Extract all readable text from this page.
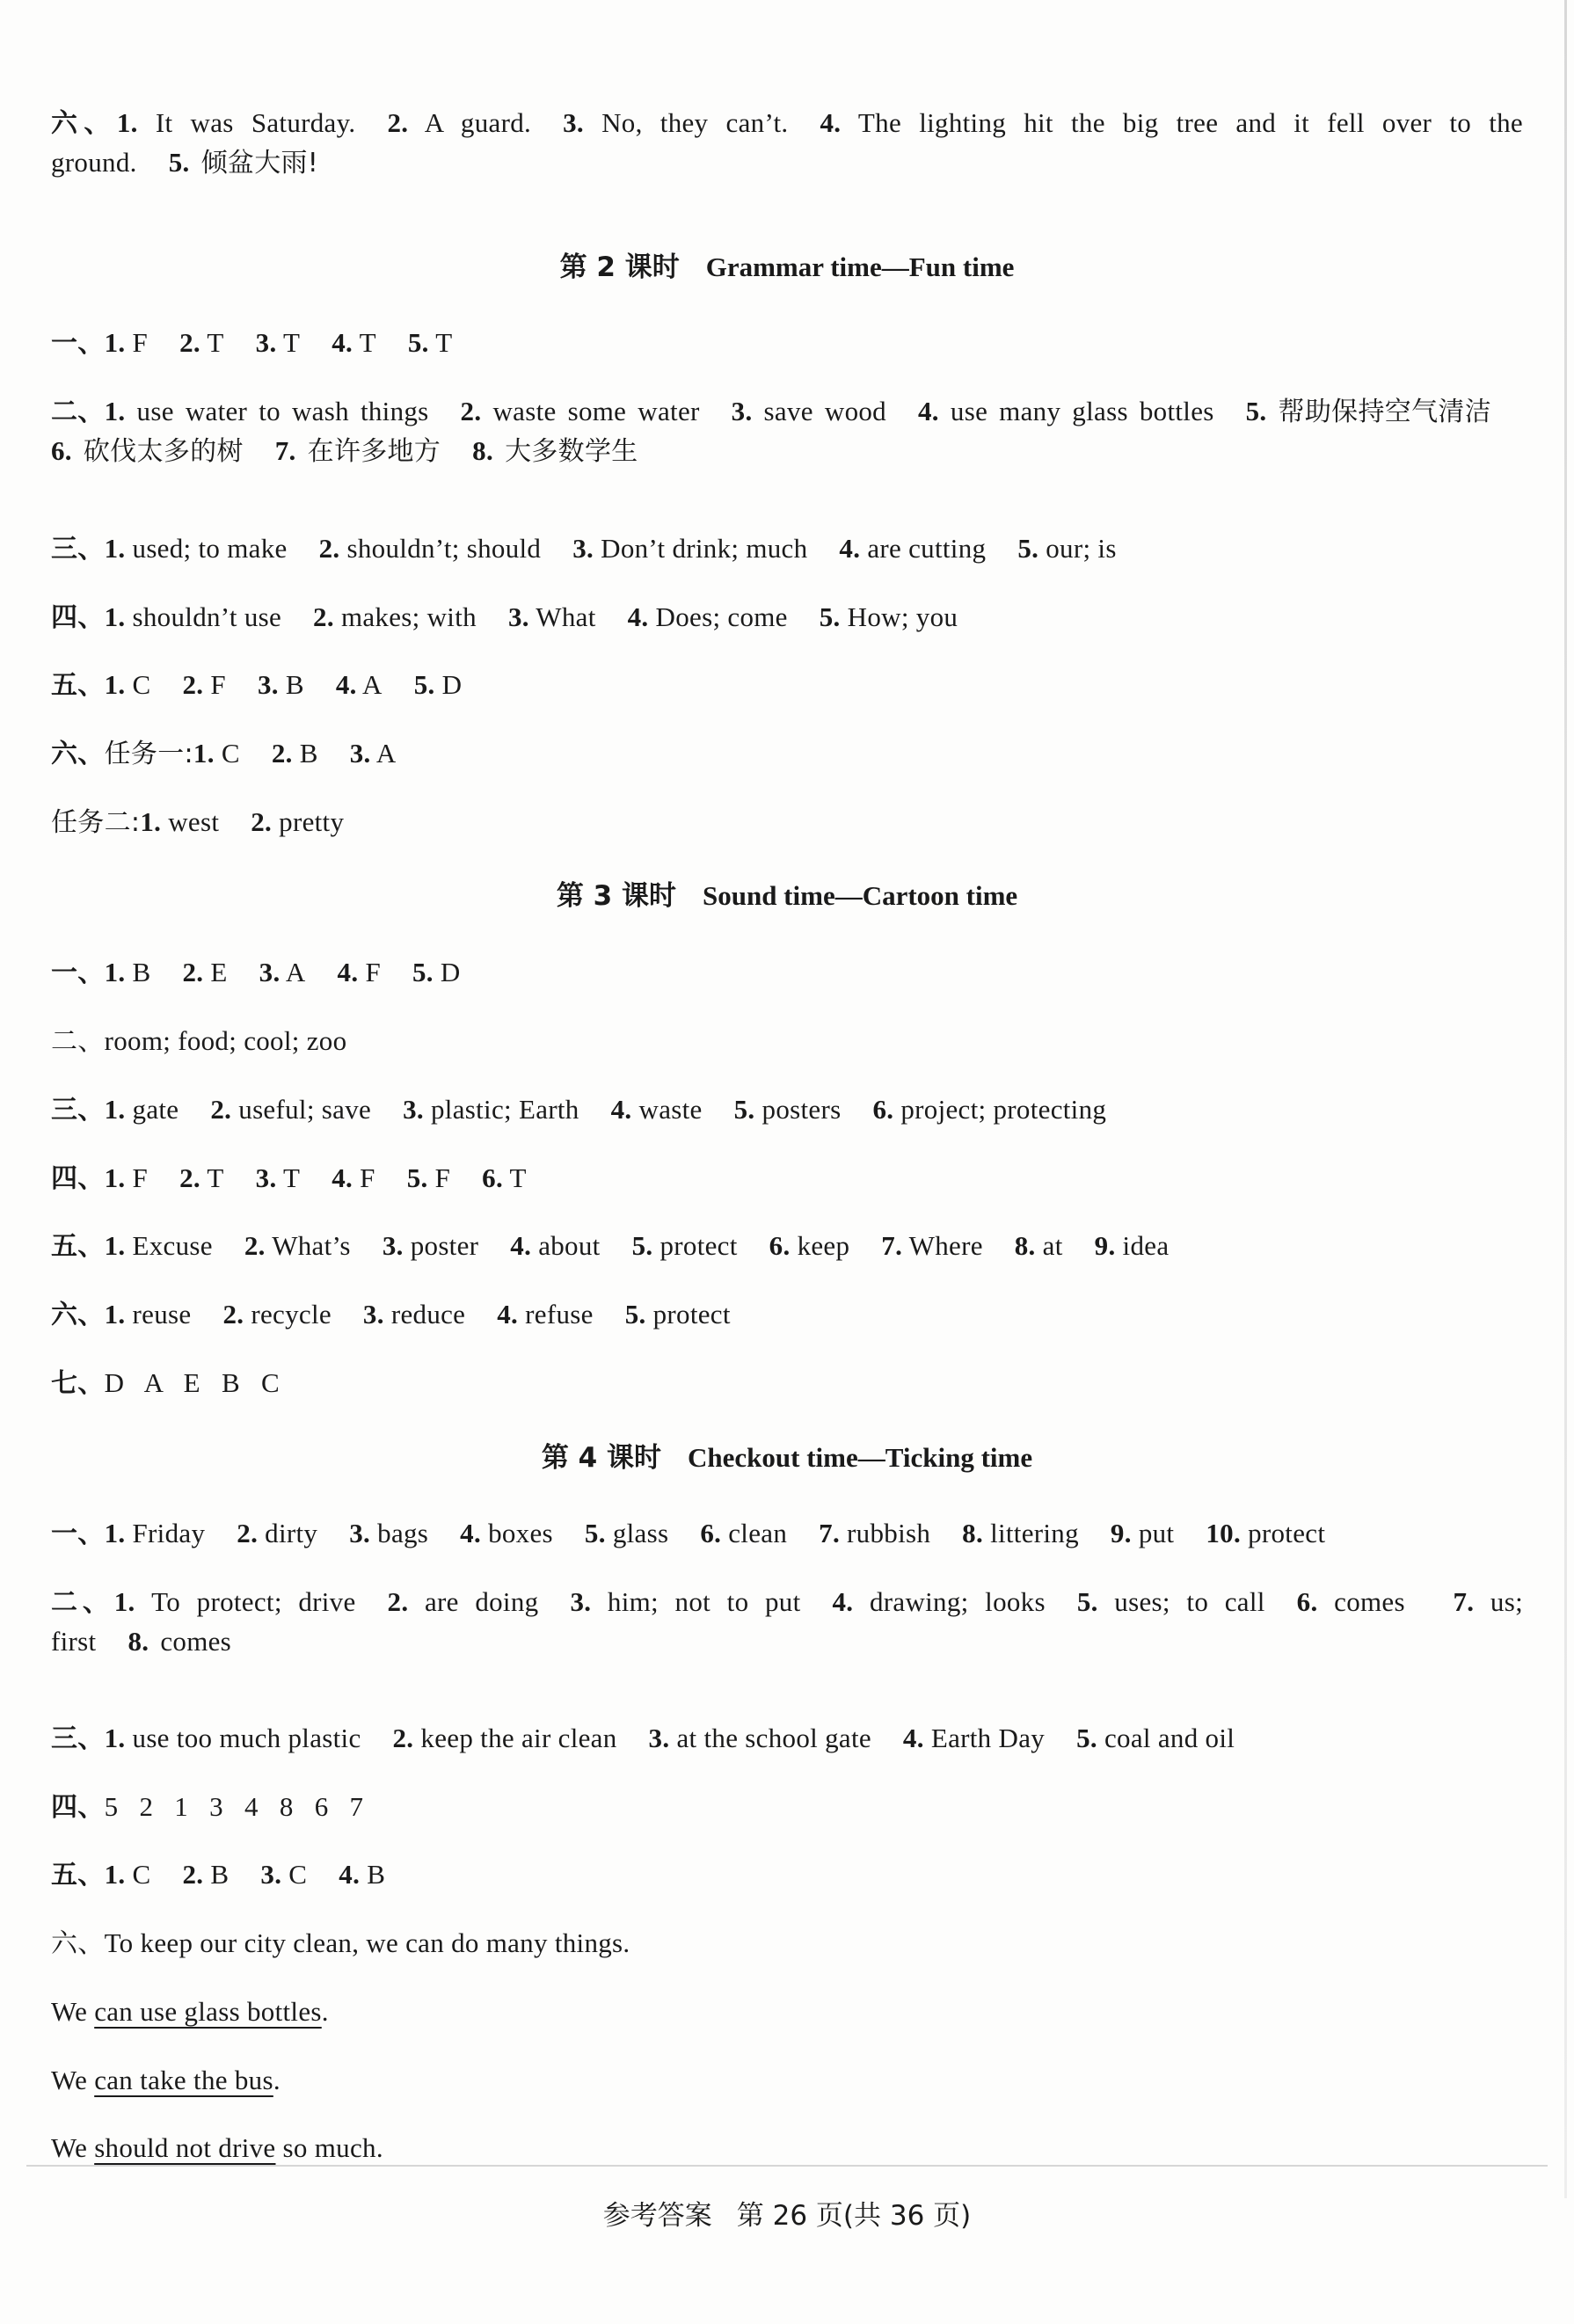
六、1. It was Saturday. 2. A guard. 3. No, they can’t. 4. The lighting hit the big tree and it fell over to the ground. 5. 倾盆大雨!
第 2 课时 Grammar time—Fun time
一、1. F 2. T 3. T 4. T 5. T
二、1. use water to wash things 2. waste some water 3. save wood 4. use many glass bottles 5. 帮助保持空气清洁6. 砍伐太多的树 7. 在许多地方 8. 大多数学生
三、1. used; to make 2. shouldn’t; should 3. Don’t drink; much 4. are cutting 5. our; is
四、1. shouldn’t use 2. makes; with 3. What 4. Does; come 5. How; you
五、1. C 2. F 3. B 4. A 5. D
六、任务一:1. C 2. B 3. A
任务二:1. west 2. pretty
第 3 课时 Sound time—Cartoon time
一、1. B 2. E 3. A 4. F 5. D
二、room; food; cool; zoo
三、1. gate 2. useful; save 3. plastic; Earth 4. waste 5. posters 6. project; protecting
四、1. F 2. T 3. T 4. F 5. F 6. T
五、1. Excuse 2. What’s 3. poster 4. about 5. protect 6. keep 7. Where 8. at 9. idea
六、1. reuse 2. recycle 3. reduce 4. refuse 5. protect
七、D A E B C
第 4 课时 Checkout time—Ticking time
一、1. Friday 2. dirty 3. bags 4. boxes 5. glass 6. clean 7. rubbish 8. littering 9. put 10. protect
二、1. To protect; drive 2. are doing 3. him; not to put 4. drawing; looks 5. uses; to call 6. comes 7. us; first 8. comes
三、1. use too much plastic 2. keep the air clean 3. at the school gate 4. Earth Day 5. coal and oil
四、5 2 1 3 4 8 6 7
五、1. C 2. B 3. C 4. B
六、To keep our city clean, we can do many things.
We can use glass bottles.
We can take the bus.
We should not drive so much.
参考答案 第 26 页(共 36 页)
